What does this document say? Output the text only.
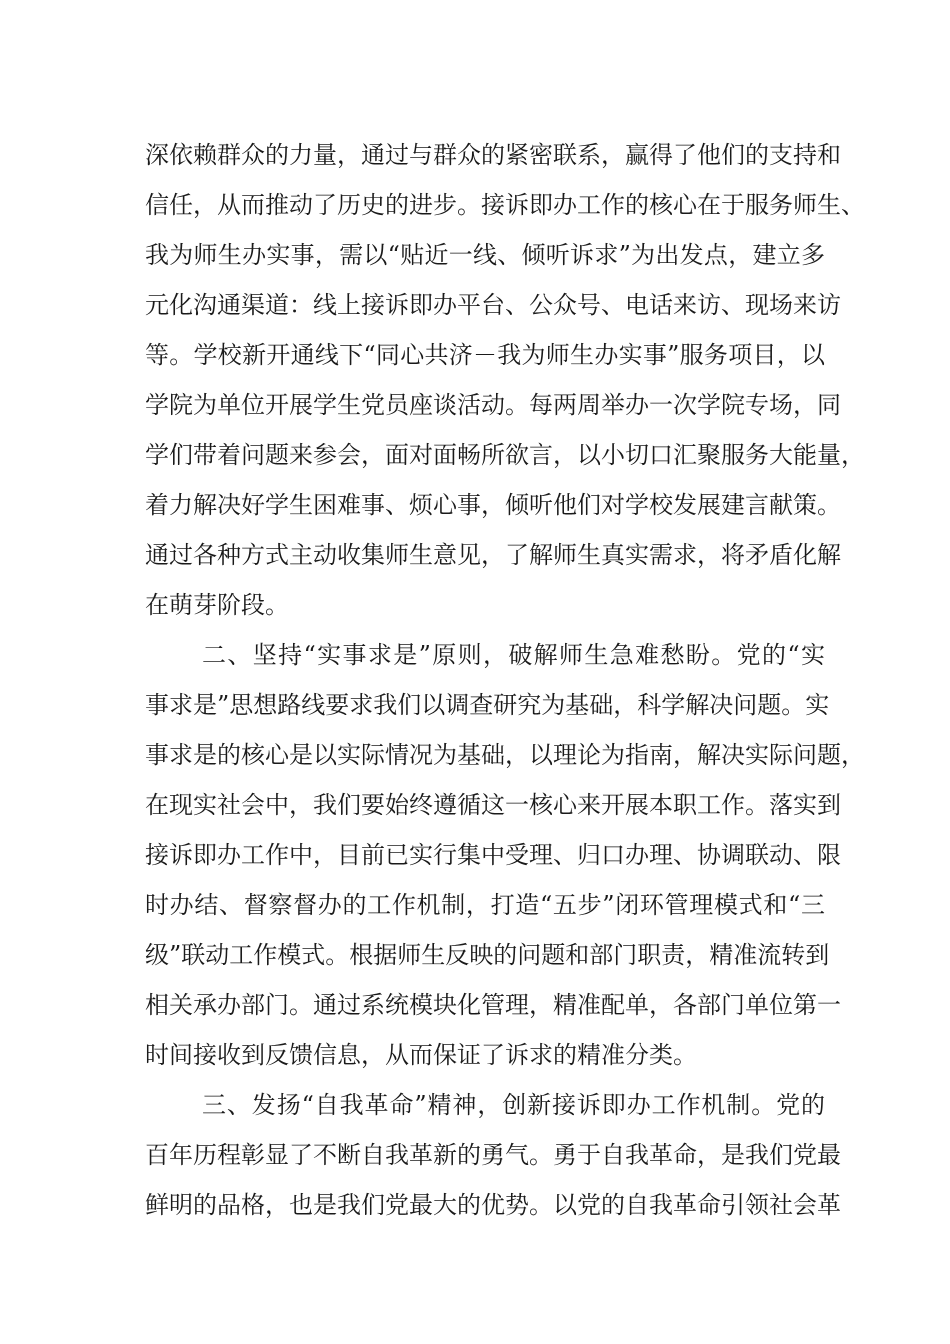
深依赖群众的力量，通过与群众的紧密联系，赢得了他们的支持和
信任，从而推动了历史的进步。接诉即办工作的核心在于服务师生、
我为师生办实事，需以“贴近一线、倾听诉求”为出发点，建立多
元化沟通渠道：线上接诉即办平台、公众号、电话来访、现场来访
等。学校新开通线下“同心共济－我为师生办实事”服务项目，以
学院为单位开展学生党员座谈活动。每两周举办一次学院专场，同
学们带着问题来参会，面对面畅所欲言，以小切口汇聚服务大能量，
着力解决好学生困难事、烦心事，倾听他们对学校发展建言献策。
通过各种方式主动收集师生意见，了解师生真实需求，将矛盾化解
在萌芽阶段。
二、坚持“实事求是”原则，破解师生急难愁盼。党的“实
事求是”思想路线要求我们以调查研究为基础，科学解决问题。实
事求是的核心是以实际情况为基础，以理论为指南，解决实际问题，
在现实社会中，我们要始终遵循这一核心来开展本职工作。落实到
接诉即办工作中，目前已实行集中受理、归口办理、协调联动、限
时办结、督察督办的工作机制，打造“五步”闭环管理模式和“三
级”联动工作模式。根据师生反映的问题和部门职责，精准流转到
相关承办部门。通过系统模块化管理，精准配单，各部门单位第一
时间接收到反馈信息，从而保证了诉求的精准分类。
三、发扬“自我革命”精神，创新接诉即办工作机制。党的
百年历程彰显了不断自我革新的勇气。勇于自我革命，是我们党最
鲜明的品格，也是我们党最大的优势。以党的自我革命引领社会革
